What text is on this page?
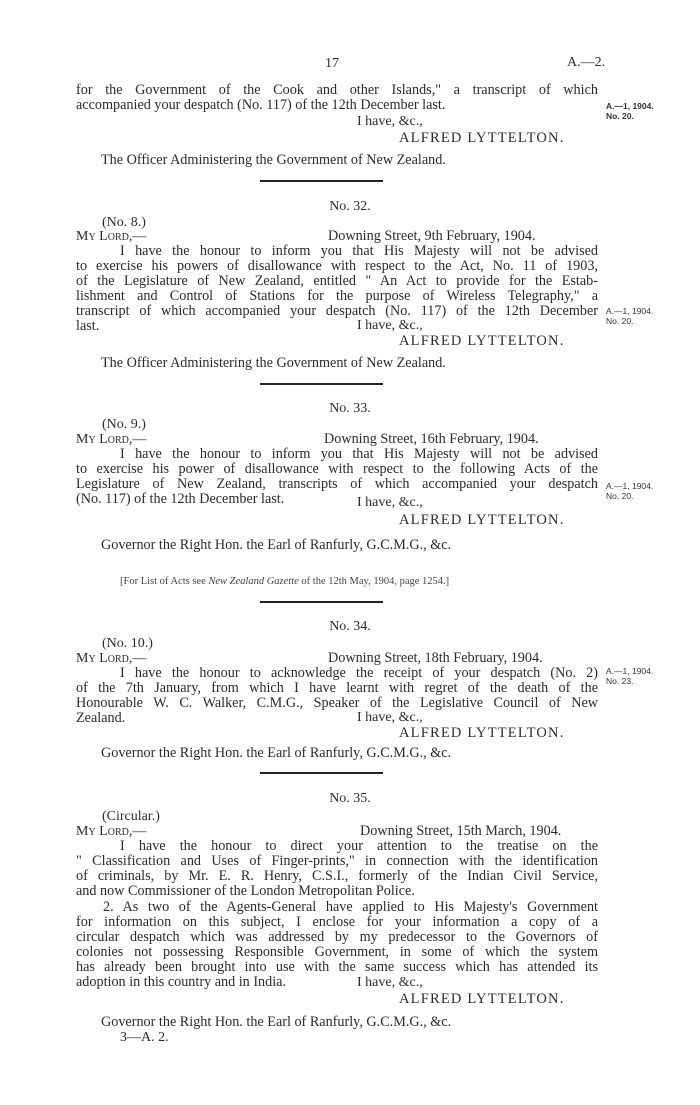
17	A.—2.
for the Government of the Cook and other Islands," a transcript of which
accompanied your despatch (No. 117) of the 12th December last.	A.—1, 1904.
No. 20.
I have, &c.,
ALFRED LYTTELTON.
The Officer Administering the Government of New Zealand.
No. 32.
(No. 8.)
My Lord,—	Downing Street, 9th February, 1904.
I have the honour to inform you that His Majesty will not be advised
to exercise his powers of disallowance with respect to the Act, No. 11 of 1903,
of the Legislature of New Zealand, entitled " An Act to provide for the Estab-
lishment and Control of Stations for the purpose of Wireless Telegraphy," a
transcript of which accompanied your despatch (No. 117) of the 12th December
last.
A.—1, 1904.
No. 20.
I have, &c.,
ALFRED LYTTELTON.
The Officer Administering the Government of New Zealand.
No. 33.
(No. 9.)
My Lord,—	Downing Street, 16th February, 1904.
I have the honour to inform you that His Majesty will not be advised
to exercise his power of disallowance with respect to the following Acts of the
Legislature of New Zealand, transcripts of which accompanied your despatch
(No. 117) of the 12th December last.
A.—1, 1904.
No. 20.
I have, &c.,
ALFRED LYTTELTON.
Governor the Right Hon. the Earl of Ranfurly, G.C.M.G., &c.
[For List of Acts see New Zealand Gazette of the 12th May, 1904, page 1254.]
No. 34.
(No. 10.)
My Lord,—	Downing Street, 18th February, 1904.
I have the honour to acknowledge the receipt of your despatch (No. 2)
of the 7th January, from which I have learnt with regret of the death of the
Honourable W. C. Walker, C.M.G., Speaker of the Legislative Council of New
Zealand.
A.—1, 1904.
No. 23.
I have, &c.,
ALFRED LYTTELTON.
Governor the Right Hon. the Earl of Ranfurly, G.C.M.G., &c.
No. 35.
(Circular.)
My Lord,—	Downing Street, 15th March, 1904.
I have the honour to direct your attention to the treatise on the
" Classification and Uses of Finger-prints," in connection with the identification
of criminals, by Mr. E. R. Henry, C.S.I., formerly of the Indian Civil Service,
and now Commissioner of the London Metropolitan Police.
2. As two of the Agents-General have applied to His Majesty's Government
for information on this subject, I enclose for your information a copy of a
circular despatch which was addressed by my predecessor to the Governors of
colonies not possessing Responsible Government, in some of which the system
has already been brought into use with the same success which has attended its
adoption in this country and in India.	I have, &c.,
ALFRED LYTTELTON.
Governor the Right Hon. the Earl of Ranfurly, G.C.M.G., &c.
3—A. 2.
